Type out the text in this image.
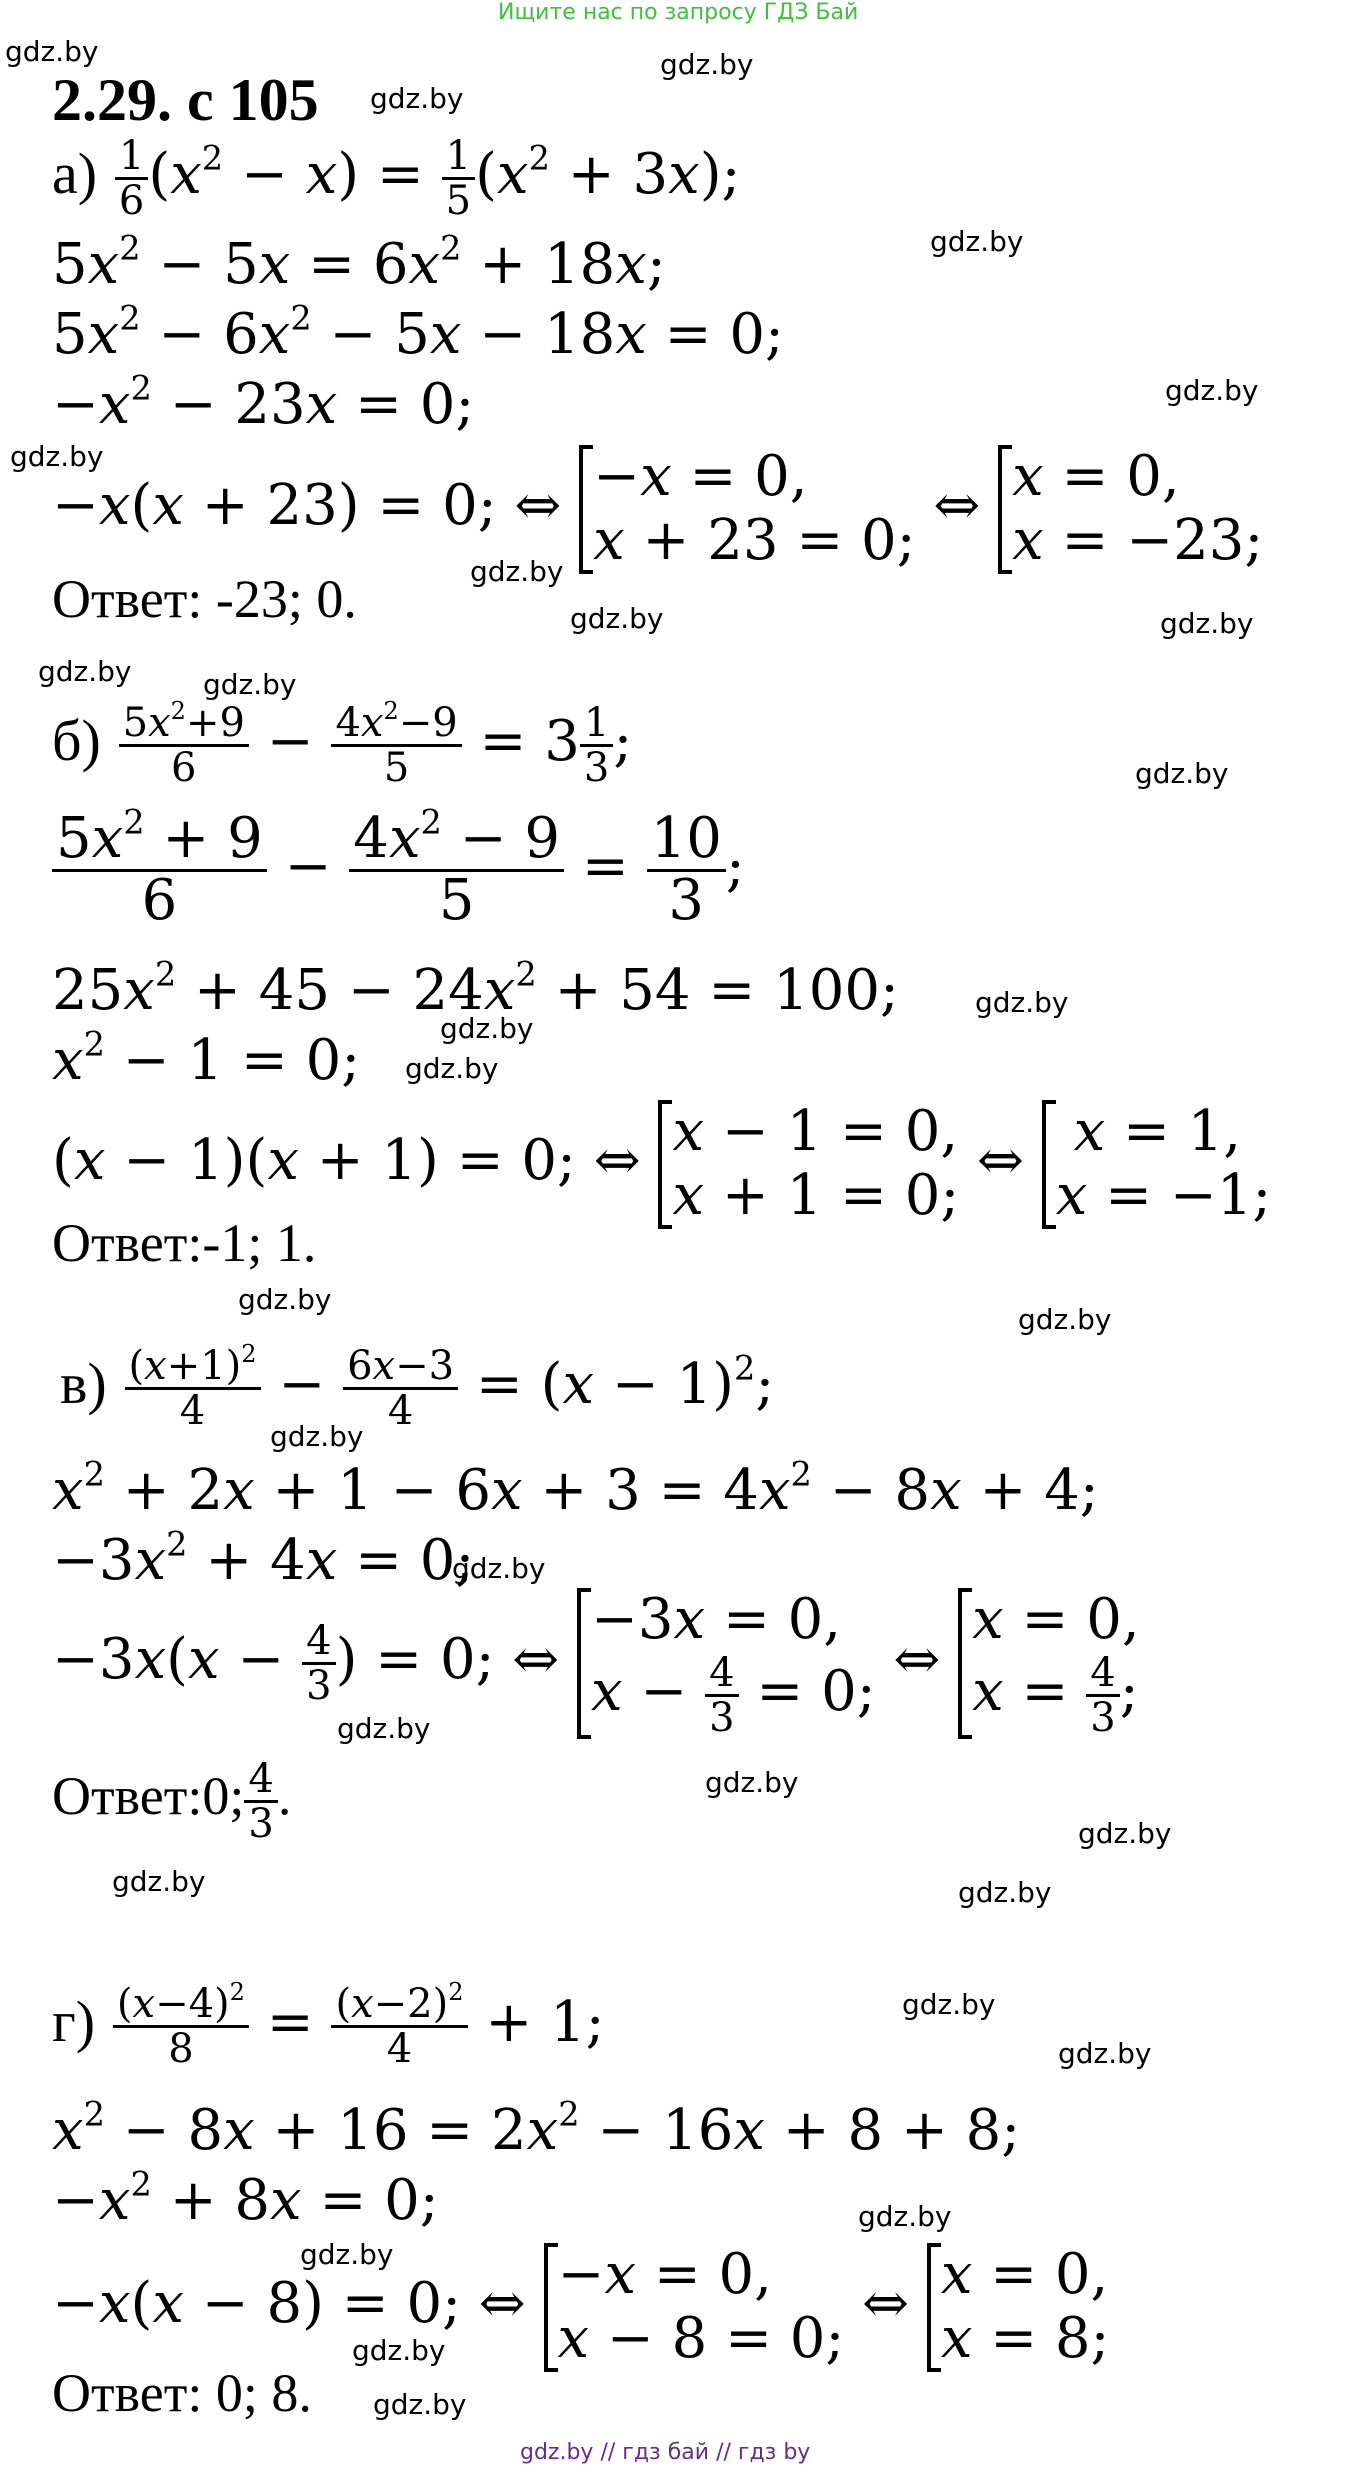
Ищите нас по запросу ГДЗ Бай
gdz.by // гдз бай // гдз by
gdz.by	gdz.by
gdz.by
gdz.by
gdz.by
gdz.by
gdz.by
gdz.by	gdz.by
gdz.by	gdz.by
gdz.by
gdz.by
gdz.by
gdz.by
gdz.by
gdz.by
gdz.by
gdz.by
gdz.by
gdz.by
gdz.by
gdz.by	gdz.by
gdz.by
gdz.by
gdz.by
gdz.by
gdz.by
gdz.by
2.29. с 105
$а) \frac{1}{6} (x^2 - x) = \frac{1}{5} (x^2 + 3x)$;
$5x^2 - 5x = 6x^2 + 18x$;
$5x^2 - 6x^2 - 5x - 18x = 0$;
$-x^2 - 23x = 0$;
−x(x + 23) = 0; ⇔ −x = 0,
x + 23 = 0;
⇔ x = 0,
x = −23;
Ответ: -23; 0.
$б) \frac{5x^2+9}{6} - \frac{4x^2-9}{5} = 3 \frac{1}{3}$ ;
$\frac{5x^2 + 9}{6} - \frac{4x^2 - 9}{5} = \frac{10}{3}$ ;
$25x^2 + 45 - 24x^2 + 54 = 100$;
$x^2 - 1 = 0$;
(x − 1)(x + 1) = 0; ⇔ x − 1 = 0,
x + 1 = 0;
⇔ x = 1,
x = −1;
Ответ:-1; 1.
$в) \frac{(x+1)^2}{4} - \frac{6x-3}{4} = (x - 1)^2$;
$x^2 + 2x + 1 - 6x + 3 = 4x^2 - 8x + 4$;
$-3x^2 + 4x = 0$;
$-3x(x - \frac{4}{3}$ ) = 0; ⇔
−3x = 0,
$x - \frac{4}{3} = 0$; ⇔
x = 0,
$x = \frac{4}{3}$ ;
Ответ:0; $\frac{4}{3}$ .
$г) \frac{(x-4)^2}{8} = \frac{(x-2)^2}{4} + 1$;
$x^2 - 8x + 16 = 2x^2 - 16x + 8 + 8$;
$-x^2 + 8x = 0$;
−x(x − 8) = 0; ⇔ −x = 0,
x − 8 = 0;
⇔ x = 0,
x = 8;
Ответ: 0; 8.
